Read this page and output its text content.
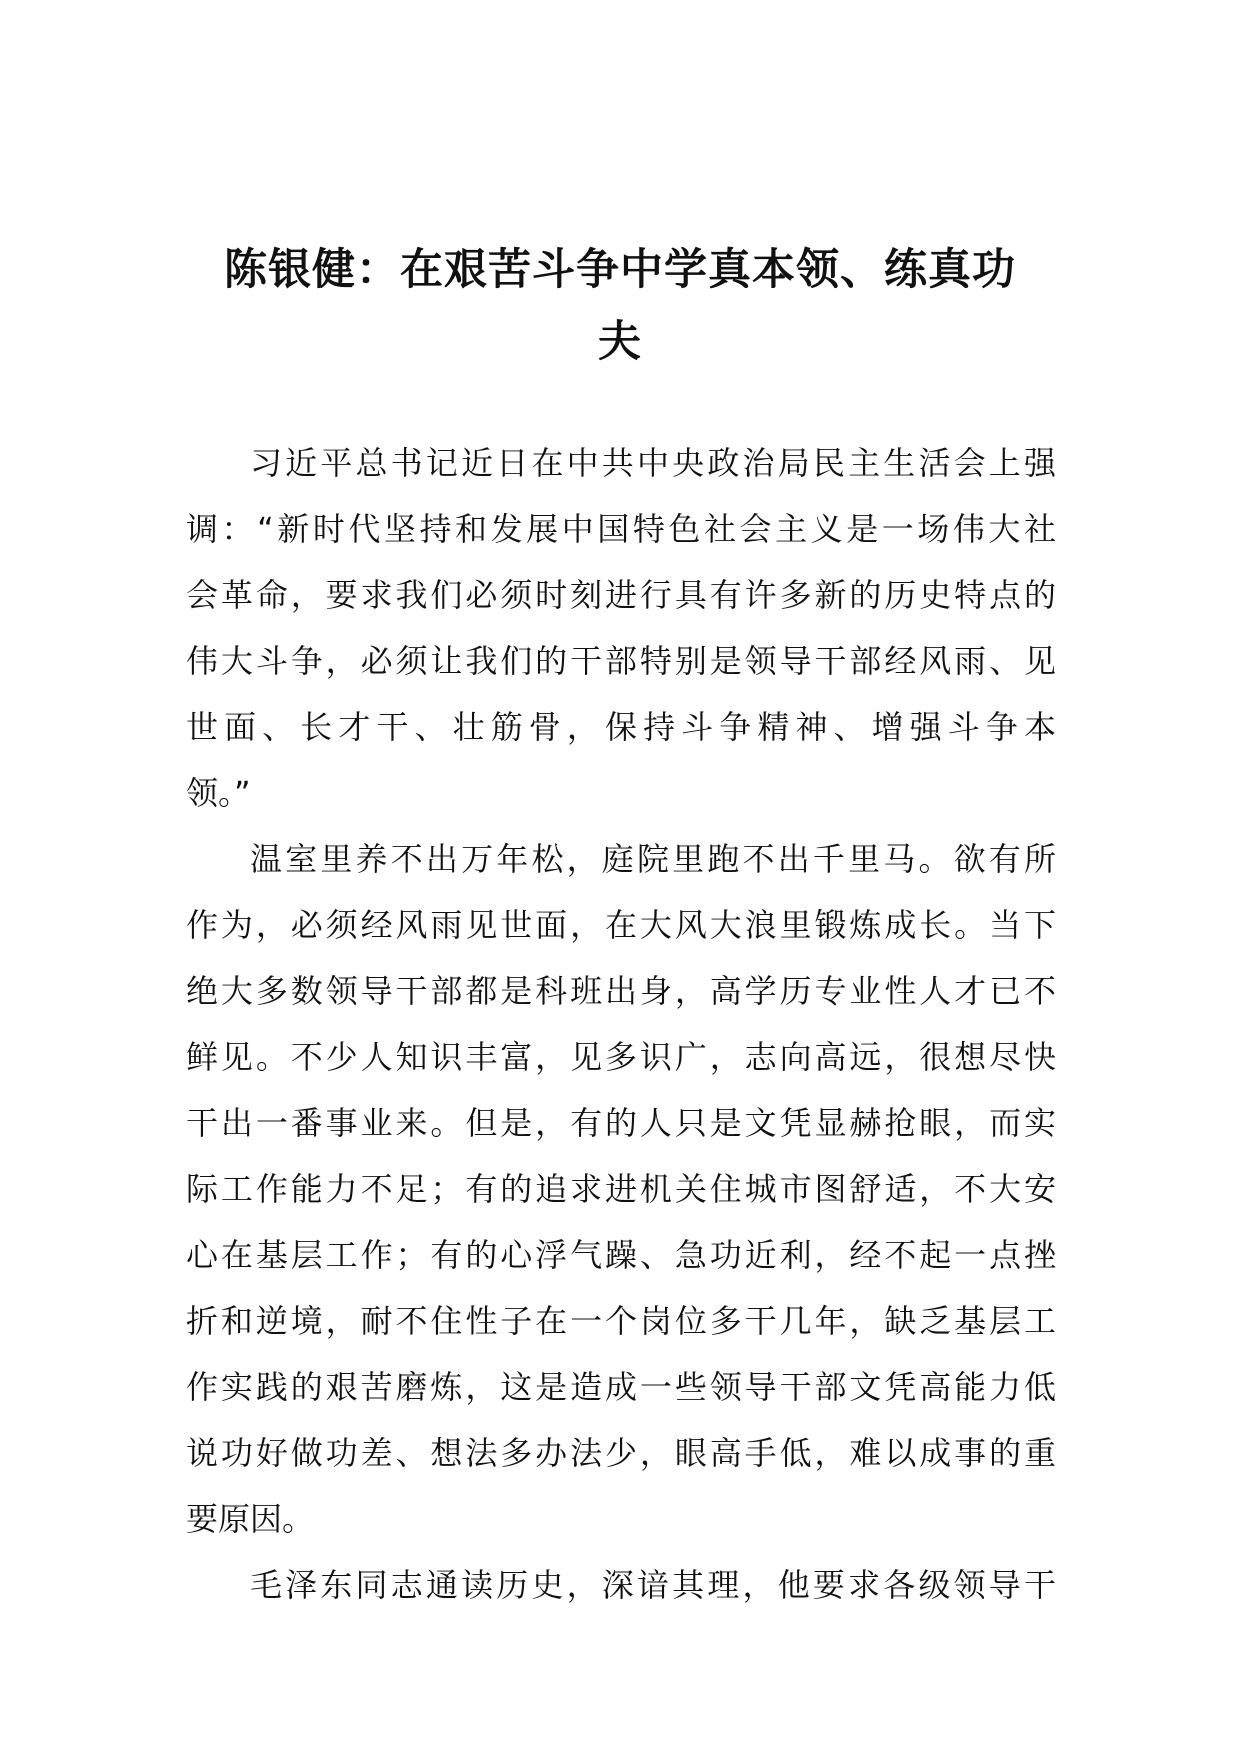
陈银健：在艰苦斗争中学真本领、练真功
夫

习近平总书记近日在中共中央政治局民主生活会上强
调：“新时代坚持和发展中国特色社会主义是一场伟大社
会革命，要求我们必须时刻进行具有许多新的历史特点的
伟大斗争，必须让我们的干部特别是领导干部经风雨、见
世面、长才干、壮筋骨，保持斗争精神、增强斗争本
领。”

温室里养不出万年松，庭院里跑不出千里马。欲有所
作为，必须经风雨见世面，在大风大浪里锻炼成长。当下
绝大多数领导干部都是科班出身，高学历专业性人才已不
鲜见。不少人知识丰富，见多识广，志向高远，很想尽快
干出一番事业来。但是，有的人只是文凭显赫抢眼，而实
际工作能力不足；有的追求进机关住城市图舒适，不大安
心在基层工作；有的心浮气躁、急功近利，经不起一点挫
折和逆境，耐不住性子在一个岗位多干几年，缺乏基层工
作实践的艰苦磨炼，这是造成一些领导干部文凭高能力低
说功好做功差、想法多办法少，眼高手低，难以成事的重
要原因。

毛泽东同志通读历史，深谙其理，他要求各级领导干
